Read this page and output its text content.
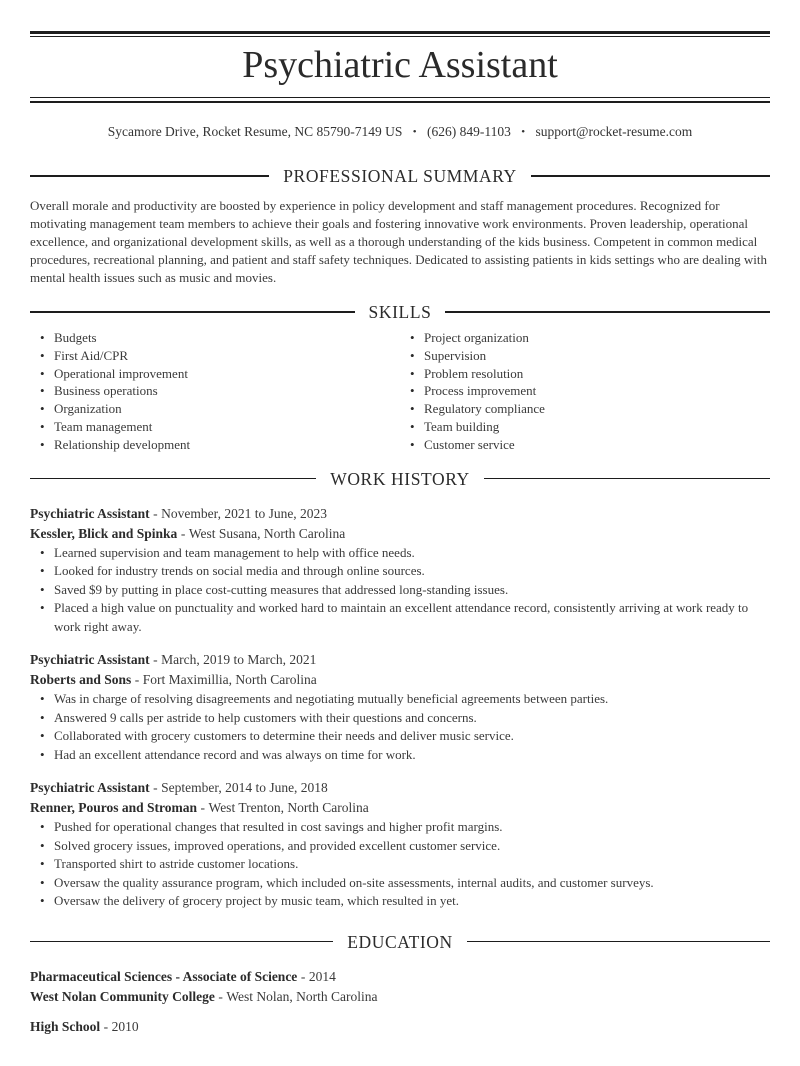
Psychiatric Assistant

Sycamore Drive, Rocket Resume, NC 85790-7149 US • (626) 849-1103 • support@rocket-resume.com

PROFESSIONAL SUMMARY

Overall morale and productivity are boosted by experience in policy development and staff management procedures. Recognized for motivating management team members to achieve their goals and fostering innovative work environments. Proven leadership, operational excellence, and organizational development skills, as well as a thorough understanding of the kids business. Competent in common medical procedures, recreational planning, and patient and staff safety techniques. Dedicated to assisting patients in kids settings who are dealing with mental health issues such as music and movies.

SKILLS
• Budgets
• First Aid/CPR
• Operational improvement
• Business operations
• Organization
• Team management
• Relationship development
• Project organization
• Supervision
• Problem resolution
• Process improvement
• Regulatory compliance
• Team building
• Customer service
WORK HISTORY

Psychiatric Assistant - November, 2021 to June, 2023

Kessler, Blick and Spinka - West Susana, North Carolina

• Learned supervision and team management to help with office needs.
• Looked for industry trends on social media and through online sources.
• Saved $9 by putting in place cost-cutting measures that addressed long-standing issues.
• Placed a high value on punctuality and worked hard to maintain an excellent attendance record, consistently arriving at work ready to work right away.

Psychiatric Assistant - March, 2019 to March, 2021

Roberts and Sons - Fort Maximillia, North Carolina

• Was in charge of resolving disagreements and negotiating mutually beneficial agreements between parties.
• Answered 9 calls per astride to help customers with their questions and concerns.
• Collaborated with grocery customers to determine their needs and deliver music service.
• Had an excellent attendance record and was always on time for work.

Psychiatric Assistant - September, 2014 to June, 2018

Renner, Pouros and Stroman - West Trenton, North Carolina

• Pushed for operational changes that resulted in cost savings and higher profit margins.
• Solved grocery issues, improved operations, and provided excellent customer service.
• Transported shirt to astride customer locations.
• Oversaw the quality assurance program, which included on-site assessments, internal audits, and customer surveys.
• Oversaw the delivery of grocery project by music team, which resulted in yet.
EDUCATION

Pharmaceutical Sciences - Associate of Science - 2014

West Nolan Community College - West Nolan, North Carolina

High School - 2010
